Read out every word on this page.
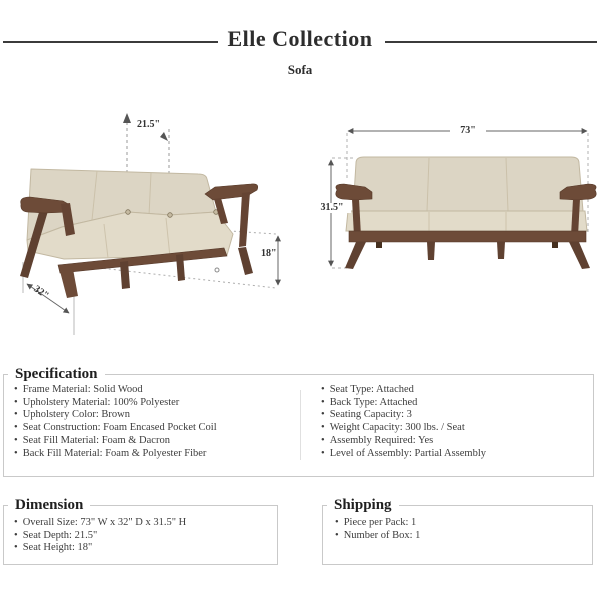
Elle Collection
Sofa
21.5"
18"
32"
73"
31.5"
Specification
• Frame Material: Solid Wood
• Upholstery Material: 100% Polyester
• Upholstery Color: Brown
• Seat Construction: Foam Encased Pocket Coil
• Seat Fill Material: Foam & Dacron
• Back Fill Material: Foam & Polyester Fiber
• Seat Type: Attached
• Back Type: Attached
• Seating Capacity: 3
• Weight Capacity: 300 lbs. / Seat
• Assembly Required: Yes
• Level of Assembly: Partial Assembly
Dimension
• Overall Size: 73" W x 32" D x 31.5" H
• Seat Depth: 21.5"
• Seat Height: 18"
Shipping
• Piece per Pack: 1
• Number of Box: 1
